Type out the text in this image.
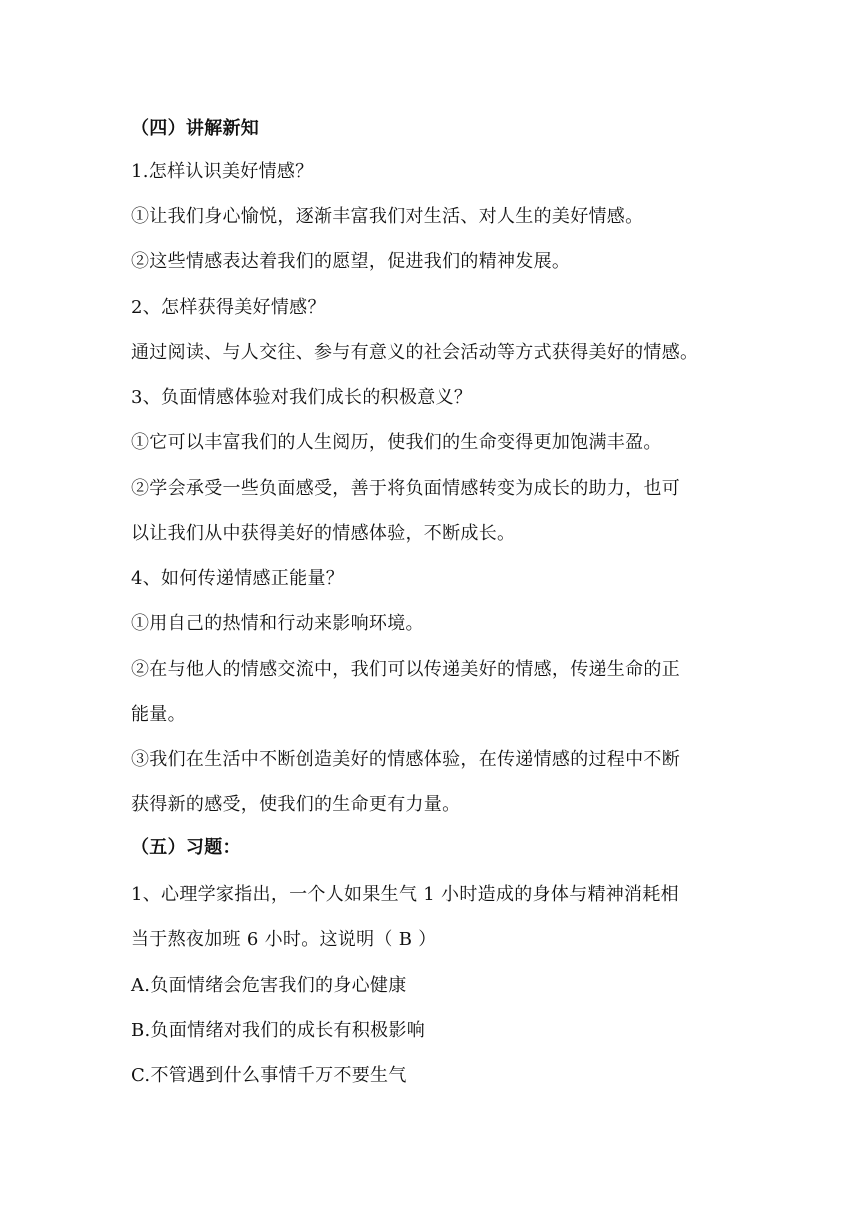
（四）讲解新知
1.怎样认识美好情感？
①让我们身心愉悦，逐渐丰富我们对生活、对人生的美好情感。
②这些情感表达着我们的愿望，促进我们的精神发展。
2、怎样获得美好情感？
通过阅读、与人交往、参与有意义的社会活动等方式获得美好的情感。
3、负面情感体验对我们成长的积极意义？
①它可以丰富我们的人生阅历，使我们的生命变得更加饱满丰盈。
②学会承受一些负面感受，善于将负面情感转变为成长的助力，也可
以让我们从中获得美好的情感体验，不断成长。
4、如何传递情感正能量？
①用自己的热情和行动来影响环境。
②在与他人的情感交流中，我们可以传递美好的情感，传递生命的正
能量。
③我们在生活中不断创造美好的情感体验，在传递情感的过程中不断
获得新的感受，使我们的生命更有力量。
（五）习题：
1、心理学家指出，一个人如果生气 1 小时造成的身体与精神消耗相
当于熬夜加班 6 小时。这说明（ B ）
A.负面情绪会危害我们的身心健康
B.负面情绪对我们的成长有积极影响
C.不管遇到什么事情千万不要生气
